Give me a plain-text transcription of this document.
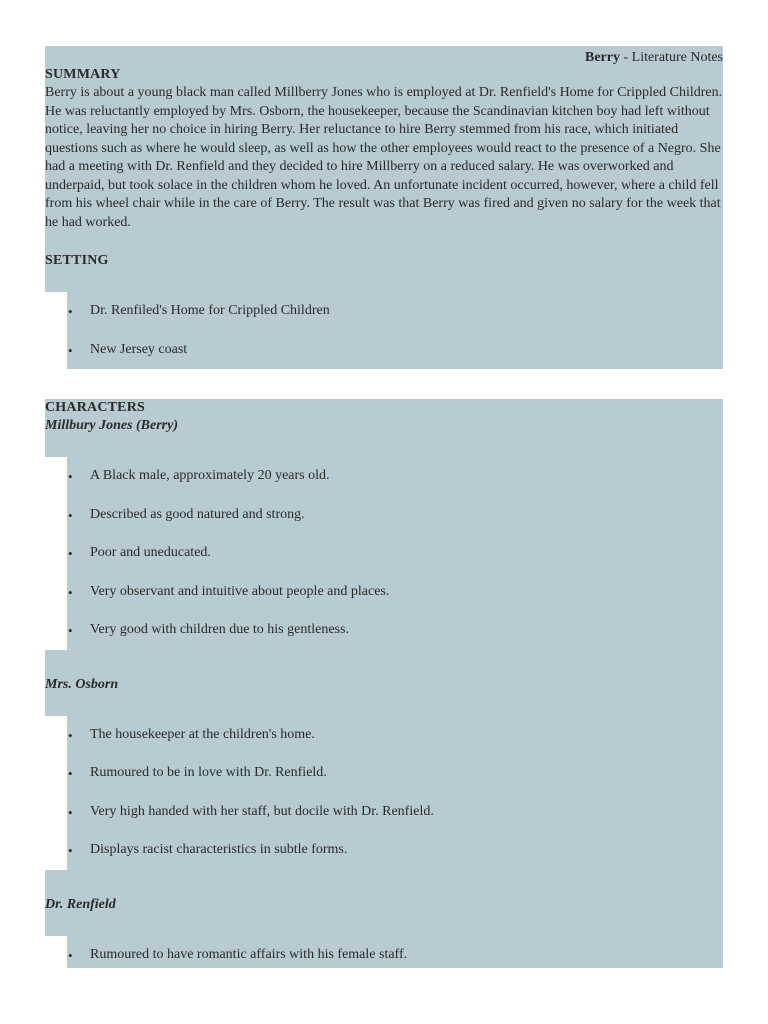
Berry - Literature Notes
SUMMARY
Berry is about a young black man called Millberry Jones who is employed at Dr. Renfield's Home for Crippled Children. He was reluctantly employed by Mrs. Osborn, the housekeeper, because the Scandinavian kitchen boy had left without notice, leaving her no choice in hiring Berry. Her reluctance to hire Berry stemmed from his race, which initiated questions such as where he would sleep, as well as how the other employees would react to the presence of a Negro. She had a meeting with Dr. Renfield and they decided to hire Millberry on a reduced salary. He was overworked and underpaid, but took solace in the children whom he loved. An unfortunate incident occurred, however, where a child fell from his wheel chair while in the care of Berry. The result was that Berry was fired and given no salary for the week that he had worked.
SETTING
• Dr. Renfiled's Home for Crippled Children
• New Jersey coast
CHARACTERS
Millbury Jones (Berry)
• A Black male, approximately 20 years old.
• Described as good natured and strong.
• Poor and uneducated.
• Very observant and intuitive about people and places.
• Very good with children due to his gentleness.
Mrs. Osborn
• The housekeeper at the children's home.
• Rumoured to be in love with Dr. Renfield.
• Very high handed with her staff, but docile with Dr. Renfield.
• Displays racist characteristics in subtle forms.
Dr. Renfield
• Rumoured to have romantic affairs with his female staff.
